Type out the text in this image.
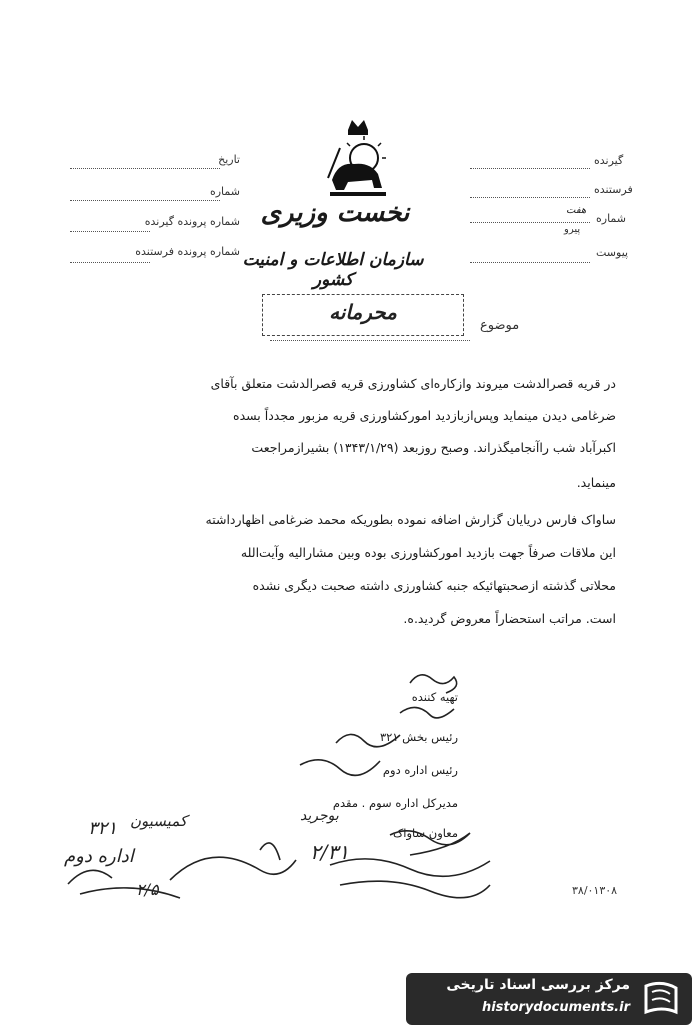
نخست وزیری
سازمان اطلاعات و امنیت کشور
تاریخ
شماره
شماره پرونده گیرنده
شماره پرونده فرستنده
گیرنده
فرستنده
شماره
هفت
پیرو
پیوست
موضوع
محرمانه
در قریه قصرالدشت میروند وازکاره‌ای کشاورزی قریه قصرالدشت متعلق بآقای
ضرغامی دیدن مینماید وپس‌ازبازدید امورکشاورزی قریه مزبور مجدداً بسده
اکبرآباد شب راآنجامیگذراند. وصبح روزبعد (۱۳۴۳/۱/۲۹) بشیرازمراجعت
مینماید.
ساواک فارس دریایان گزارش اضافه نموده بطوریکه محمد ضرغامی اظهارداشته
این ملاقات صرفاً جهت بازدید امورکشاورزی بوده وبین مشارالیه وآیت‌الله
محلاتی گذشته ازصحبتهائیکه جنبه کشاورزی داشته صحبت دیگری نشده
است. مراتب استحضاراً معروض گردید.ه.
تهیه کننده
رئیس بخش ۳۲۱
رئیس اداره دوم
مدیرکل اداره سوم . مقدم
معاون ساواک
۳۲۱ کمیسیون
اداره دوم
۲/۵
۲/۳۱
بوجرید
۳۸/۰۱۳۰۸
مرکز بررسی اسناد تاریخی
historydocuments.ir
